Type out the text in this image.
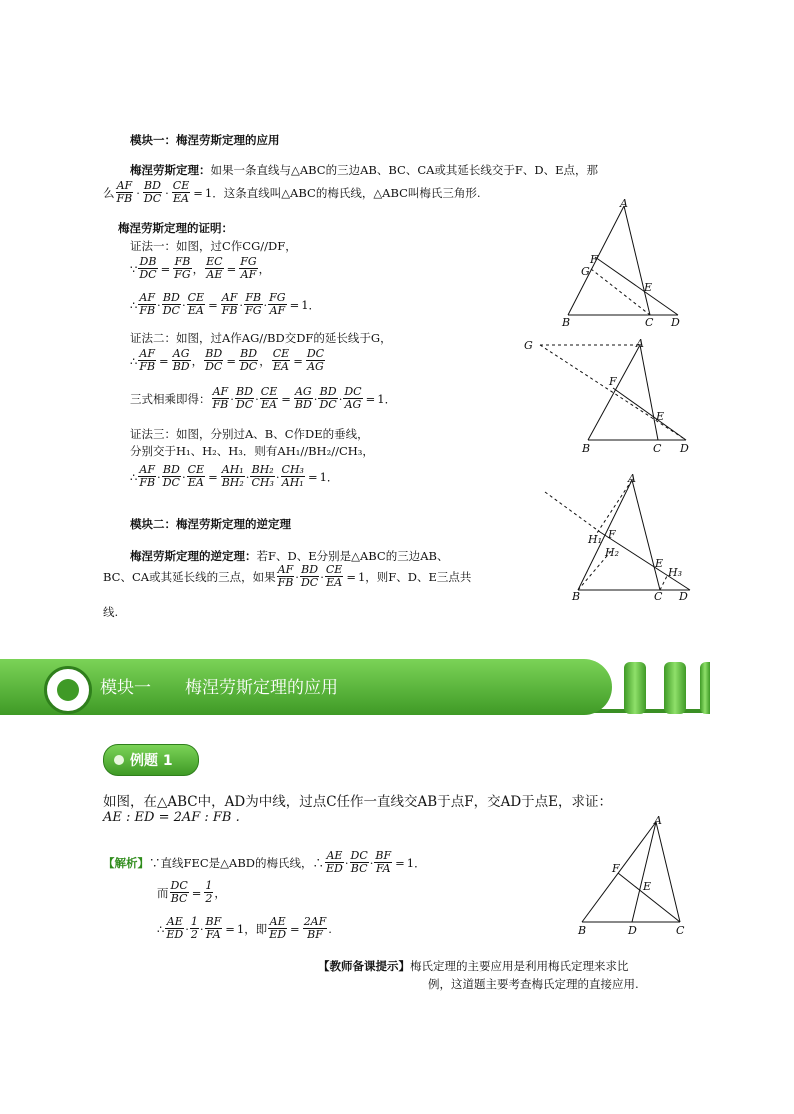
模块一：梅涅劳斯定理的应用
梅涅劳斯定理：如果一条直线与△ABC的三边AB、BC、CA或其延长线交于F、D、E点，那
么 $\frac{AF}{FB} \cdot \frac{BD}{DC} \cdot \frac{CE}{EA} = 1$ ． 这条直线叫△ABC的梅氏线，△ABC叫梅氏三角形.
梅涅劳斯定理的证明：
证法一：如图，过C作CG//DF，
∵ $\frac{DB}{DC} = \frac{FB}{FG}$ ， $\frac{EC}{AE} = \frac{FG}{AF}$ ，
∴ $\frac{AF}{FB} \cdot \frac{BD}{DC} \cdot \frac{CE}{EA} = \frac{AF}{FB} \cdot \frac{FB}{FG} \cdot \frac{FG}{AF} = 1$ ．
证法二：如图，过A作AG//BD交DF的延长线于G，
∴ $\frac{AF}{FB} = \frac{AG}{BD}$ ， $\frac{BD}{DC} = \frac{BD}{DC}$ ， $\frac{CE}{EA} = \frac{DC}{AG}$
三式相乘即得： $\frac{AF}{FB} \cdot \frac{BD}{DC} \cdot \frac{CE}{EA} = \frac{AG}{BD} \cdot \frac{BD}{DC} \cdot \frac{DC}{AG} = 1$ ．
证法三：如图，分别过A、B、C作DE的垂线，
分别交于H₁、H₂、H₃．则有AH₁//BH₂//CH₃，
∴ $\frac{AF}{FB} \cdot \frac{BD}{DC} \cdot \frac{CE}{EA} = \frac{\text{AH₁}}{\text{BH₂}} \cdot \frac{\text{BH₂}}{\text{CH₃}} \cdot \frac{\text{CH₃}}{\text{AH₁}} = 1$ ．
模块二：梅涅劳斯定理的逆定理
梅涅劳斯定理的逆定理：若F、D、E分别是△ABC的三边AB、
BC、CA或其延长线的三点，如果 $\frac{AF}{FB} \cdot \frac{BD}{DC} \cdot \frac{CE}{EA} = 1$ ，则F、D、E三点共
线.
A
B	C D
E
F
G
G	A
B	C D
E
F
A
B	C D
E
F
H₁
H₂
H₃
模块一　　梅涅劳斯定理的应用
例题 1
如图，在△ABC中，AD为中线，过点C任作一直线交AB于点F，交AD于点E，求证：
AE : ED = 2AF : FB .
【解析】 ∵直线FEC是△ABD的梅氏线，∴ $\frac{AE}{ED} \cdot \frac{DC}{BC} \cdot \frac{BF}{FA} = 1$ ．
而 $\frac{DC}{BC} = \frac{1}{2}$ ，
∴ $\frac{AE}{ED} \cdot \frac{1}{2} \cdot \frac{BF}{FA} = 1$ ，即 $\frac{AE}{ED} = \frac{2AF}{BF}$ .
【教师备课提示】梅氏定理的主要应用是利用梅氏定理来求比
例，这道题主要考查梅氏定理的直接应用.
A
B	D	C
E
F
